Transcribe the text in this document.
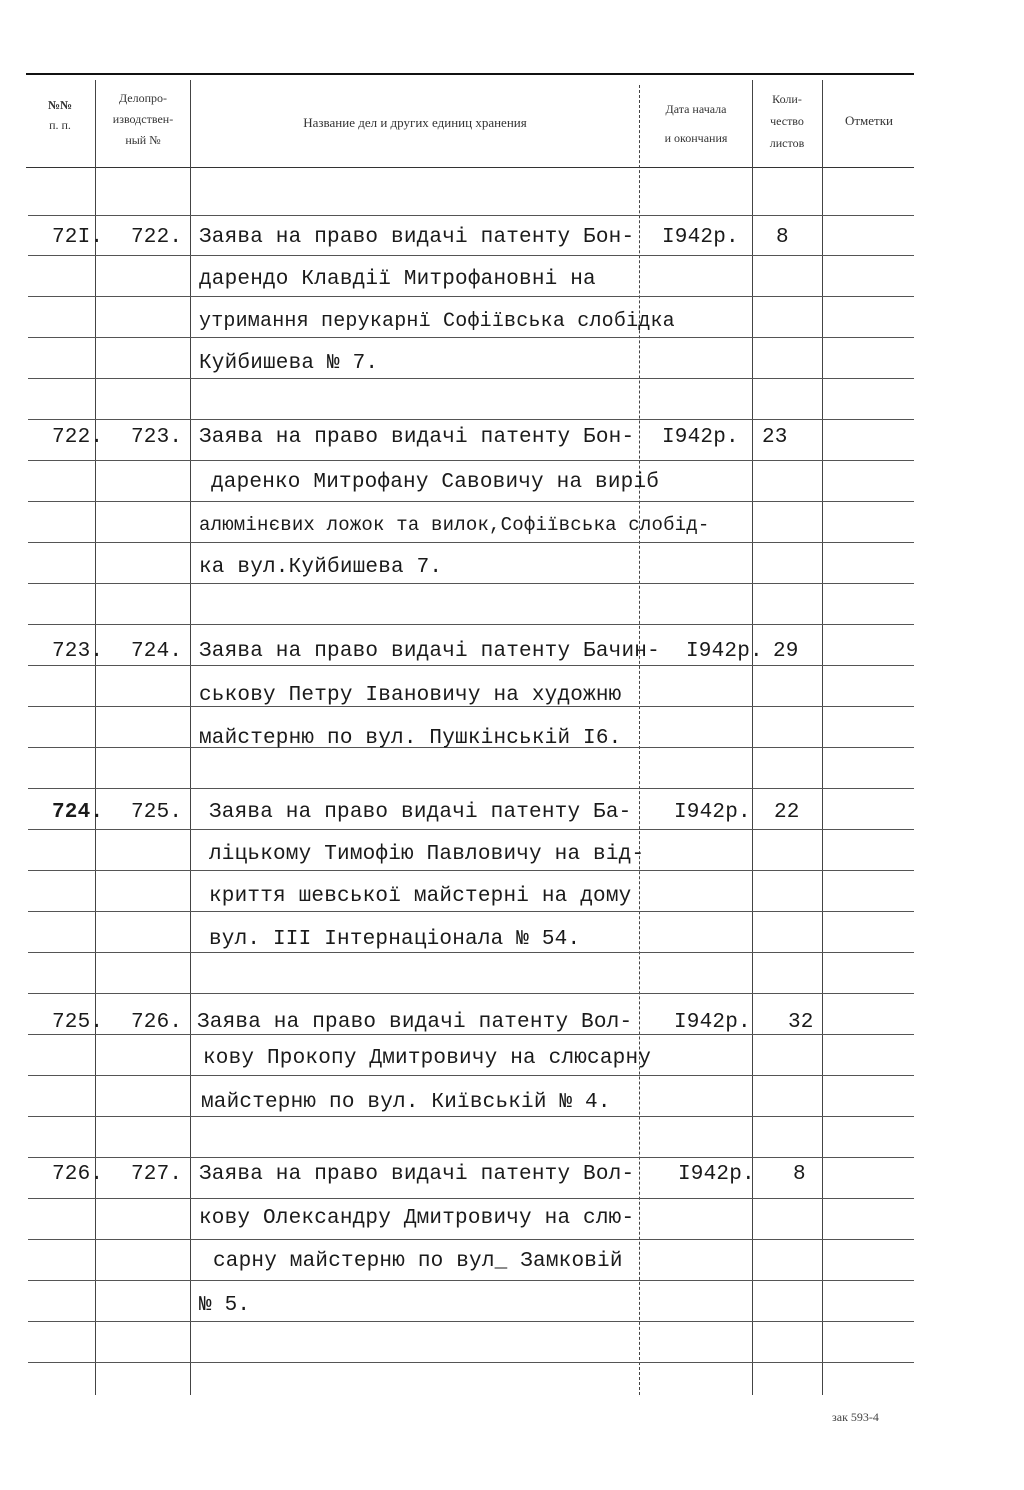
№№
п. п.
Делопро-
изводствен-
ный №
Название дел и других единиц хранения
Дата начала
и окончания
Коли-
чество
листов
Отметки
72I. 722. Заява на право видачі патенту Бон-
дарендо Клавдії Митрофановні на
утримання перукарнї Софіївська слобідка
Куйбишева № 7.
I942р. 8
722. 723. Заява на право видачі патенту Бон-
даренко Митрофану Савовичу на виріб
алюмінєвих ложок та вилок,Софіївська слобід-
ка вул.Куйбишева 7.
I942р. 23
723. 724. Заява на право видачі патенту Бачин-
ськову Петру Івановичу на художню
майстерню по вул. Пушкінській I6.
I942р. 29
724. 725. Заява на право видачі патенту Ба-
ліцькому Тимофію Павловичу на від-
криття шевської майстерні на дому
вул. III Інтернаціонала № 54.
I942р. 22
725. 726. Заява на право видачі патенту Вол-
кову Прокопу Дмитровичу на слюсарну
майстерню по вул. Київській № 4.
I942р. 32
726. 727. Заява на право видачі патенту Вол-
кову Олександру Дмитровичу на слю-
сарну майстерню по вул_ Замковій
№ 5.
I942р. 8
зак 593-4
